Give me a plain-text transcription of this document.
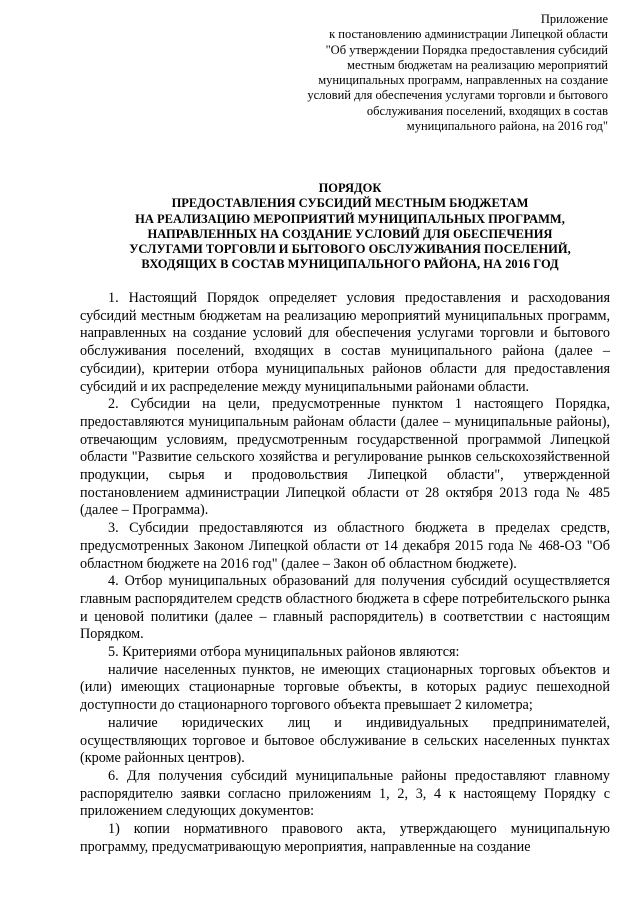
Приложение
к постановлению администрации Липецкой области
"Об утверждении Порядка предоставления субсидий
местным бюджетам на реализацию мероприятий
муниципальных программ, направленных на создание
условий для обеспечения услугами торговли и бытового
обслуживания поселений, входящих в состав
муниципального района, на 2016 год"
ПОРЯДОК
ПРЕДОСТАВЛЕНИЯ СУБСИДИЙ МЕСТНЫМ БЮДЖЕТАМ
НА РЕАЛИЗАЦИЮ МЕРОПРИЯТИЙ МУНИЦИПАЛЬНЫХ ПРОГРАММ,
НАПРАВЛЕННЫХ НА СОЗДАНИЕ УСЛОВИЙ ДЛЯ ОБЕСПЕЧЕНИЯ
УСЛУГАМИ ТОРГОВЛИ И БЫТОВОГО ОБСЛУЖИВАНИЯ ПОСЕЛЕНИЙ,
ВХОДЯЩИХ В СОСТАВ МУНИЦИПАЛЬНОГО РАЙОНА, НА 2016 ГОД

1. Настоящий Порядок определяет условия предоставления и расходования субсидий местным бюджетам на реализацию мероприятий муниципальных программ, направленных на создание условий для обеспечения услугами торговли и бытового обслуживания поселений, входящих в состав муниципального района (далее – субсидии), критерии отбора муниципальных районов области для предоставления субсидий и их распределение между муниципальными районами области.

2. Субсидии на цели, предусмотренные пунктом 1 настоящего Порядка, предоставляются муниципальным районам области (далее – муниципальные районы), отвечающим условиям, предусмотренным государственной программой Липецкой области "Развитие сельского хозяйства и регулирование рынков сельскохозяйственной продукции, сырья и продовольствия Липецкой области", утвержденной постановлением администрации Липецкой области от 28 октября 2013 года № 485 (далее – Программа).

3. Субсидии предоставляются из областного бюджета в пределах средств, предусмотренных Законом Липецкой области от 14 декабря 2015 года № 468-ОЗ "Об областном бюджете на 2016 год" (далее – Закон об областном бюджете).

4. Отбор муниципальных образований для получения субсидий осуществляется главным распорядителем средств областного бюджета в сфере потребительского рынка и ценовой политики (далее – главный распорядитель) в соответствии с настоящим Порядком.

5. Критериями отбора муниципальных районов являются:

наличие населенных пунктов, не имеющих стационарных торговых объектов и (или) имеющих стационарные торговые объекты, в которых радиус пешеходной доступности до стационарного торгового объекта превышает 2 километра;

наличие юридических лиц и индивидуальных предпринимателей, осуществляющих торговое и бытовое обслуживание в сельских населенных пунктах (кроме районных центров).

6. Для получения субсидий муниципальные районы предоставляют главному распорядителю заявки согласно приложениям 1, 2, 3, 4 к настоящему Порядку с приложением следующих документов:

1) копии нормативного правового акта, утверждающего муниципальную программу, предусматривающую мероприятия, направленные на создание
